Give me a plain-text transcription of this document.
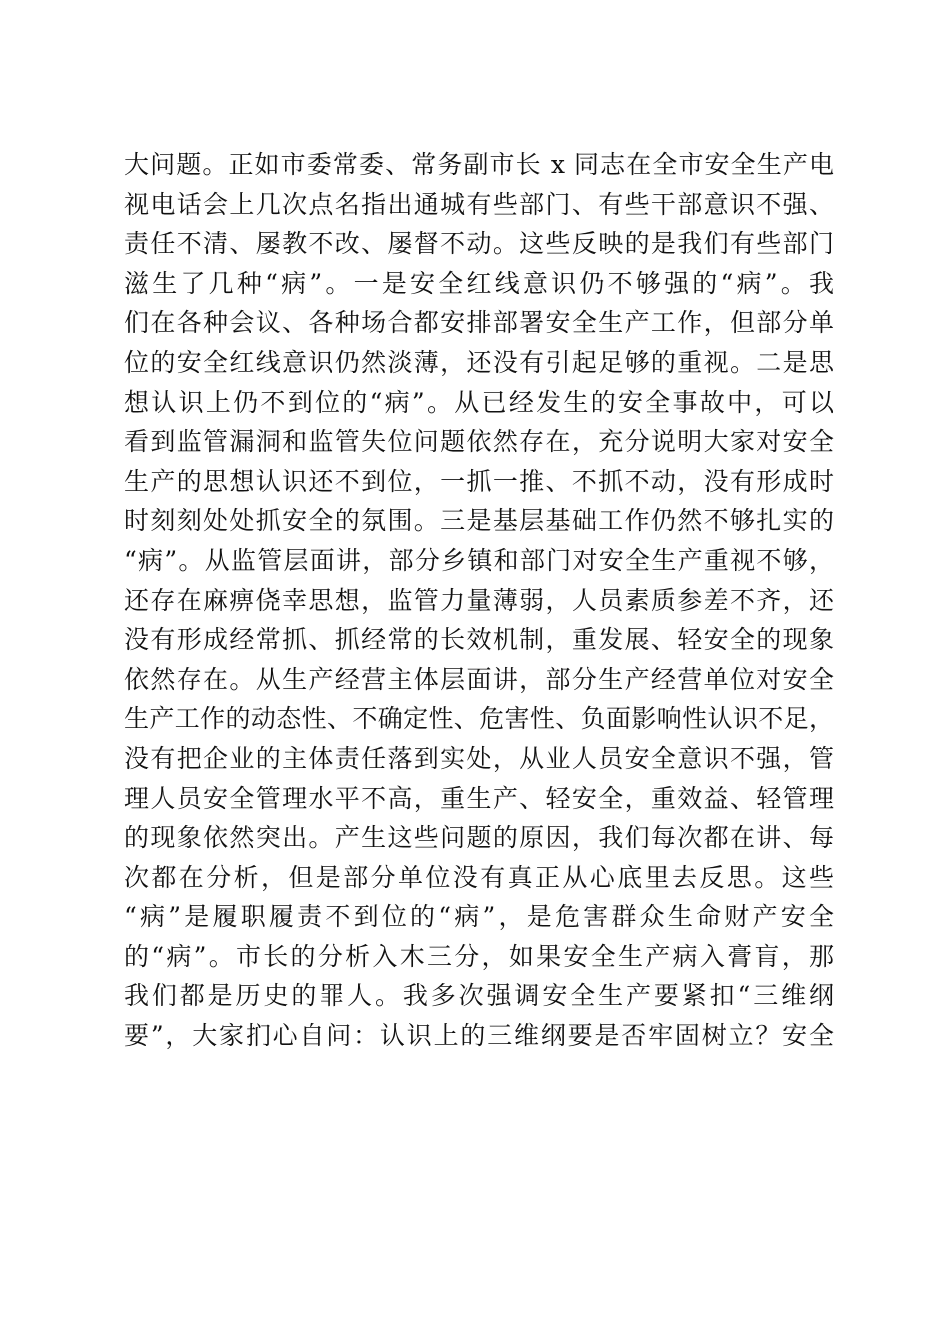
大问题。正如市委常委、常务副市长 x 同志在全市安全生产电
视电话会上几次点名指出通城有些部门、有些干部意识不强、
责任不清、屡教不改、屡督不动。这些反映的是我们有些部门
滋生了几种“病”。一是安全红线意识仍不够强的“病”。我
们在各种会议、各种场合都安排部署安全生产工作，但部分单
位的安全红线意识仍然淡薄，还没有引起足够的重视。二是思
想认识上仍不到位的“病”。从已经发生的安全事故中，可以
看到监管漏洞和监管失位问题依然存在，充分说明大家对安全
生产的思想认识还不到位，一抓一推、不抓不动，没有形成时
时刻刻处处抓安全的氛围。三是基层基础工作仍然不够扎实的
“病”。从监管层面讲，部分乡镇和部门对安全生产重视不够，
还存在麻痹侥幸思想，监管力量薄弱，人员素质参差不齐，还
没有形成经常抓、抓经常的长效机制，重发展、轻安全的现象
依然存在。从生产经营主体层面讲，部分生产经营单位对安全
生产工作的动态性、不确定性、危害性、负面影响性认识不足，
没有把企业的主体责任落到实处，从业人员安全意识不强，管
理人员安全管理水平不高，重生产、轻安全，重效益、轻管理
的现象依然突出。产生这些问题的原因，我们每次都在讲、每
次都在分析，但是部分单位没有真正从心底里去反思。这些
“病”是履职履责不到位的“病”，是危害群众生命财产安全
的“病”。市长的分析入木三分，如果安全生产病入膏肓，那
我们都是历史的罪人。我多次强调安全生产要紧扣“三维纲
要”，大家扪心自问：认识上的三维纲要是否牢固树立？安全
